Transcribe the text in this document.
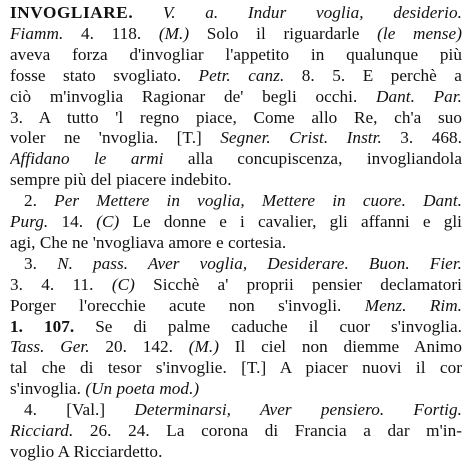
INVOGLIARE. V. a. Indur voglia, desiderio.
Fiamm. 4. 118. (M.) Solo il riguardarle (le mense)
aveva forza d'invogliar l'appetito in qualunque più
fosse stato svogliato. Petr. canz. 8. 5. E perchè a
ciò m'invoglia Ragionar de' begli occhi. Dant. Par.
3. A tutto 'l regno piace, Come allo Re, ch'a suo
voler ne 'nvoglia. [T.] Segner. Crist. Instr. 3. 468.
Affidano le armi alla concupiscenza, invogliandola
sempre più del piacere indebito.
2. Per Mettere in voglia, Mettere in cuore. Dant.
Purg. 14. (C) Le donne e i cavalier, gli affanni e gli
agi, Che ne 'nvogliava amore e cortesia.
3. N. pass. Aver voglia, Desiderare. Buon. Fier.
3. 4. 11. (C) Sicchè a' proprii pensier declamatori
Porger l'orecchie acute non s'invogli. Menz. Rim.
1. 107. Se di palme caduche il cuor s'invoglia.
Tass. Ger. 20. 142. (M.) Il ciel non diemme Animo
tal che di tesor s'invoglie. [T.] A piacer nuovi il cor
s'invoglia. (Un poeta mod.)
4. [Val.] Determinarsi, Aver pensiero. Fortig.
Ricciard. 26. 24. La corona di Francia a dar m'in-
voglio A Ricciardetto.
